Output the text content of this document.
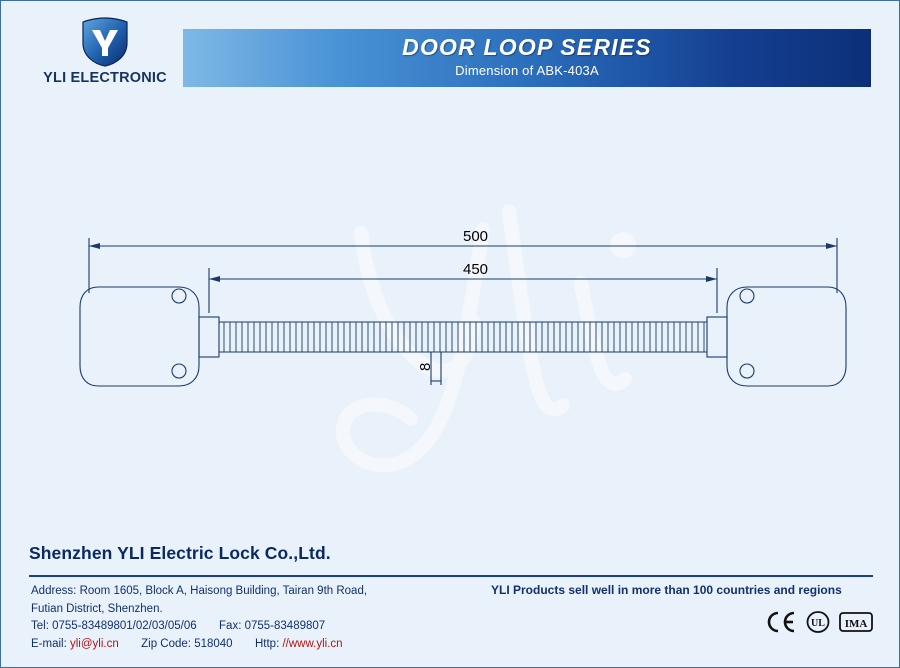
YLI ELECTRONIC
DOOR LOOP SERIES
Dimension of ABK-403A
500
450
8
Shenzhen YLI Electric Lock Co.,Ltd.
Address: Room 1605, Block A, Haisong Building, Tairan 9th Road,
Futian District, Shenzhen.
Tel: 0755-83489801/02/03/05/06 Fax: 0755-83489807
E-mail: yli@yli.cn Zip Code: 518040 Http: //www.yli.cn
YLI Products sell well in more than 100 countries and regions
UL IMA
